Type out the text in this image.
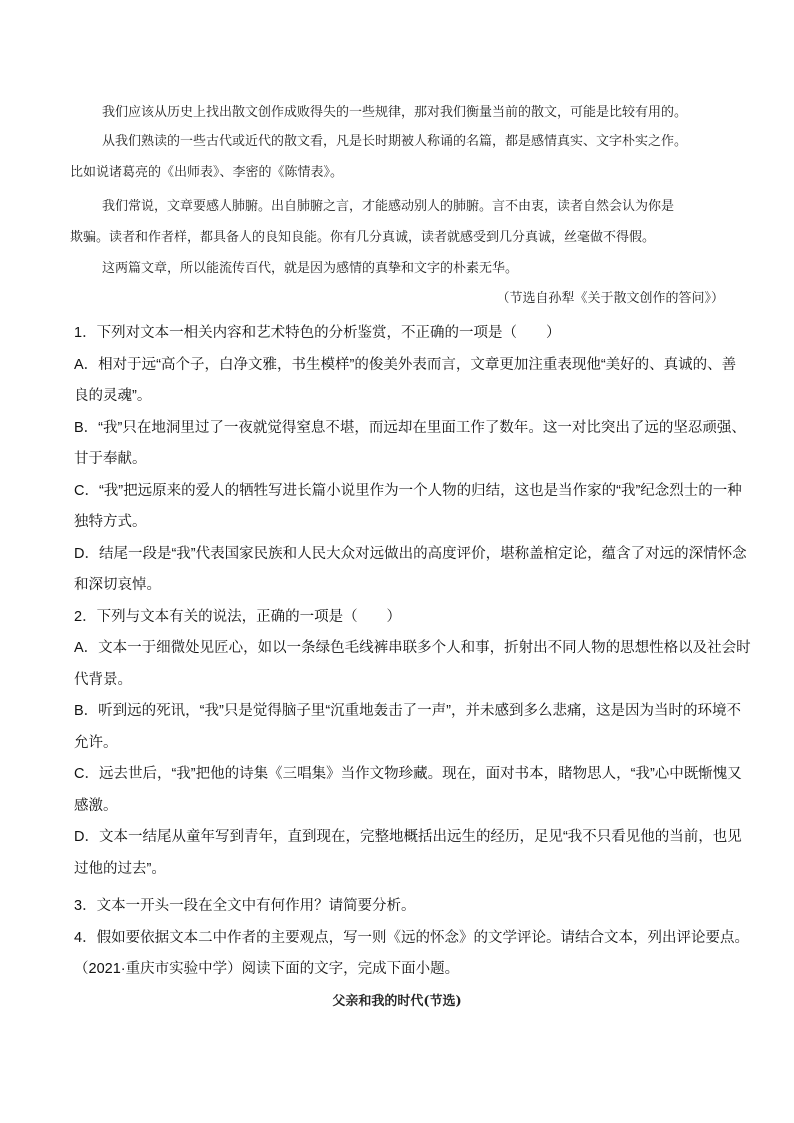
我们应该从历史上找出散文创作成败得失的一些规律，那对我们衡量当前的散文，可能是比较有用的。
从我们熟读的一些古代或近代的散文看，凡是长时期被人称诵的名篇，都是感情真实、文字朴实之作。
比如说诸葛亮的《出师表》、李密的《陈情表》。
我们常说，文章要感人肺腑。出自肺腑之言，才能感动别人的肺腑。言不由衷，读者自然会认为你是
欺骗。读者和作者样，都具备人的良知良能。你有几分真诚，读者就感受到几分真诚，丝毫做不得假。
这两篇文章，所以能流传百代，就是因为感情的真挚和文字的朴素无华。
（节选自孙犁《关于散文创作的答问》）
1．下列对文本一相关内容和艺术特色的分析鉴赏，不正确的一项是（　　）
A．相对于远“高个子，白净文雅，书生模样”的俊美外表而言，文章更加注重表现他“美好的、真诚的、善
良的灵魂”。
B．“我”只在地洞里过了一夜就觉得窒息不堪，而远却在里面工作了数年。这一对比突出了远的坚忍顽强、
甘于奉献。
C．“我”把远原来的爱人的牺牲写进长篇小说里作为一个人物的归结，这也是当作家的“我”纪念烈士的一种
独特方式。
D．结尾一段是“我”代表国家民族和人民大众对远做出的高度评价，堪称盖棺定论，蕴含了对远的深情怀念
和深切哀悼。
2．下列与文本有关的说法，正确的一项是（　　）
A．文本一于细微处见匠心，如以一条绿色毛线裤串联多个人和事，折射出不同人物的思想性格以及社会时
代背景。
B．听到远的死讯，“我”只是觉得脑子里“沉重地轰击了一声”，并未感到多么悲痛，这是因为当时的环境不
允许。
C．远去世后，“我”把他的诗集《三唱集》当作文物珍藏。现在，面对书本，睹物思人，“我”心中既惭愧又
感激。
D．文本一结尾从童年写到青年，直到现在，完整地概括出远生的经历，足见“我不只看见他的当前，也见
过他的过去”。
3．文本一开头一段在全文中有何作用？请简要分析。
4．假如要依据文本二中作者的主要观点，写一则《远的怀念》的文学评论。请结合文本，列出评论要点。
（2021·重庆市实验中学）阅读下面的文字，完成下面小题。
父亲和我的时代(节选)
